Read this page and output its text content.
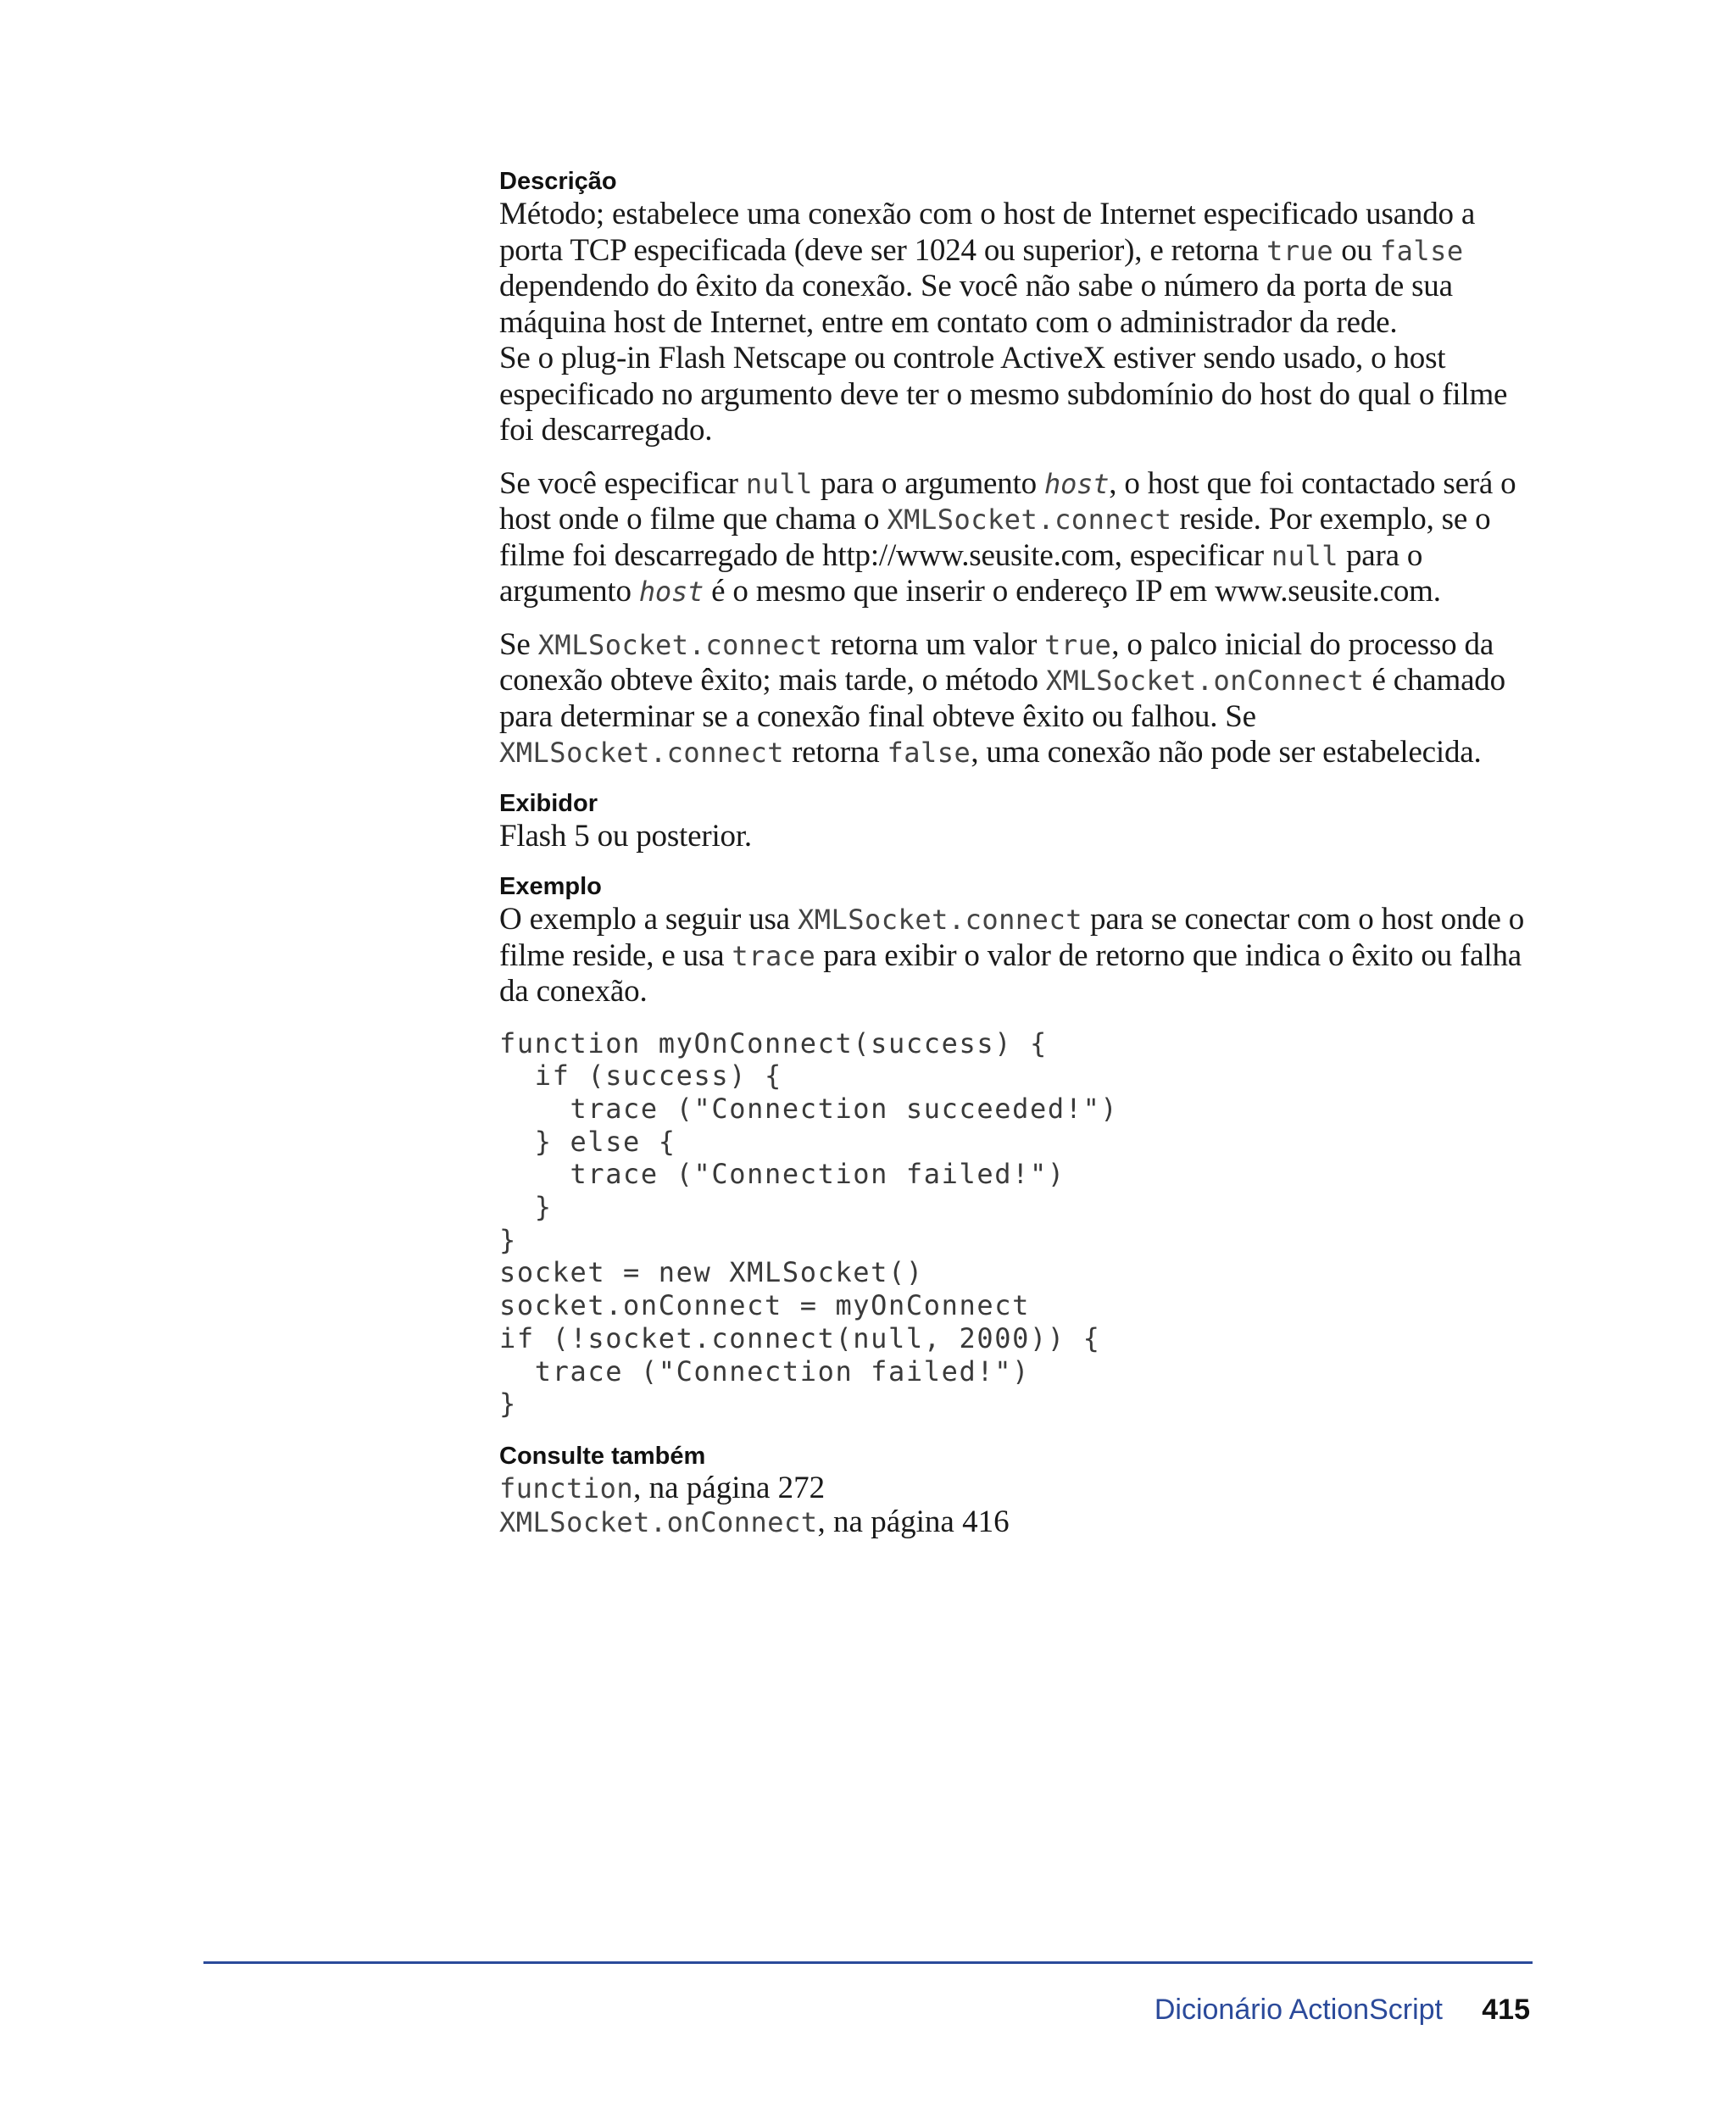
Descrição

Método; estabelece uma conexão com o host de Internet especificado usando a porta TCP especificada (deve ser 1024 ou superior), e retorna true ou false dependendo do êxito da conexão. Se você não sabe o número da porta de sua máquina host de Internet, entre em contato com o administrador da rede.

Se o plug-in Flash Netscape ou controle ActiveX estiver sendo usado, o host especificado no argumento deve ter o mesmo subdomínio do host do qual o filme foi descarregado.

Se você especificar null para o argumento host, o host que foi contactado será o host onde o filme que chama o XMLSocket.connect reside. Por exemplo, se o filme foi descarregado de http://www.seusite.com, especificar null para o argumento host é o mesmo que inserir o endereço IP em www.seusite.com.

Se XMLSocket.connect retorna um valor true, o palco inicial do processo da conexão obteve êxito; mais tarde, o método XMLSocket.onConnect é chamado para determinar se a conexão final obteve êxito ou falhou. Se XMLSocket.connect retorna false, uma conexão não pode ser estabelecida.

Exibidor

Flash 5 ou posterior.

Exemplo

O exemplo a seguir usa XMLSocket.connect para se conectar com o host onde o filme reside, e usa trace para exibir o valor de retorno que indica o êxito ou falha da conexão.

function myOnConnect(success) {
if (success) {
trace ("Connection succeeded!")
} else {
trace ("Connection failed!")
}
}
socket = new XMLSocket()
socket.onConnect = myOnConnect
if (!socket.connect(null, 2000)) {
trace ("Connection failed!")
}
Consulte também

function, na página 272

XMLSocket.onConnect, na página 416

Dicionário ActionScript 415
